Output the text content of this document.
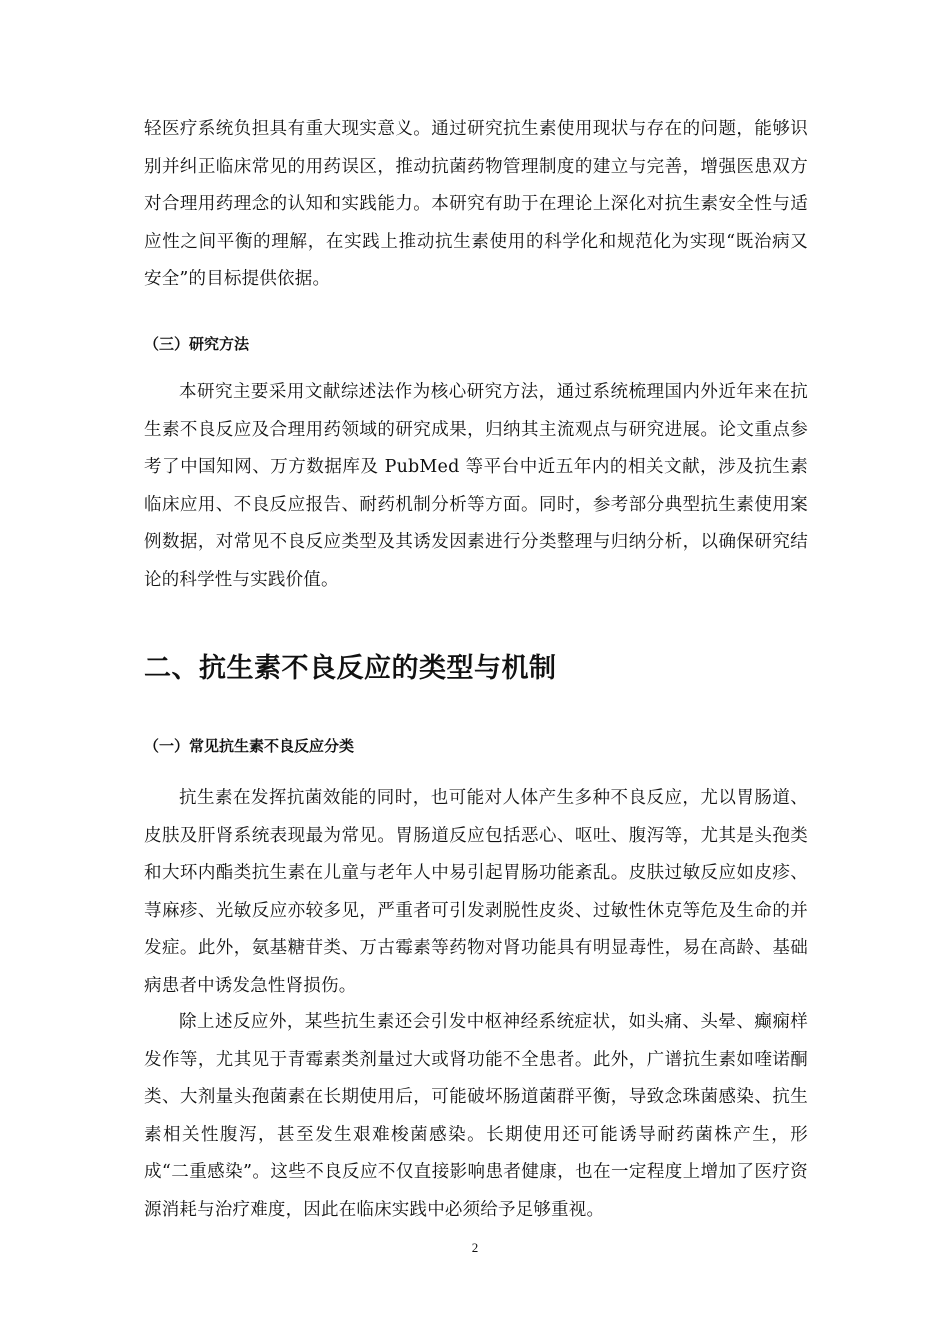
轻医疗系统负担具有重大现实意义。通过研究抗生素使用现状与存在的问题，能够识别并纠正临床常见的用药误区，推动抗菌药物管理制度的建立与完善，增强医患双方对合理用药理念的认知和实践能力。本研究有助于在理论上深化对抗生素安全性与适应性之间平衡的理解，在实践上推动抗生素使用的科学化和规范化为实现“既治病又安全”的目标提供依据。

（三）研究方法

本研究主要采用文献综述法作为核心研究方法，通过系统梳理国内外近年来在抗生素不良反应及合理用药领域的研究成果，归纳其主流观点与研究进展。论文重点参考了中国知网、万方数据库及 PubMed 等平台中近五年内的相关文献，涉及抗生素临床应用、不良反应报告、耐药机制分析等方面。同时，参考部分典型抗生素使用案例数据，对常见不良反应类型及其诱发因素进行分类整理与归纳分析，以确保研究结论的科学性与实践价值。

二、抗生素不良反应的类型与机制
（一）常见抗生素不良反应分类

抗生素在发挥抗菌效能的同时，也可能对人体产生多种不良反应，尤以胃肠道、皮肤及肝肾系统表现最为常见。胃肠道反应包括恶心、呕吐、腹泻等，尤其是头孢类和大环内酯类抗生素在儿童与老年人中易引起胃肠功能紊乱。皮肤过敏反应如皮疹、荨麻疹、光敏反应亦较多见，严重者可引发剥脱性皮炎、过敏性休克等危及生命的并发症。此外，氨基糖苷类、万古霉素等药物对肾功能具有明显毒性，易在高龄、基础病患者中诱发急性肾损伤。

除上述反应外，某些抗生素还会引发中枢神经系统症状，如头痛、头晕、癫痫样发作等，尤其见于青霉素类剂量过大或肾功能不全患者。此外，广谱抗生素如喹诺酮类、大剂量头孢菌素在长期使用后，可能破坏肠道菌群平衡，导致念珠菌感染、抗生素相关性腹泻，甚至发生艰难梭菌感染。长期使用还可能诱导耐药菌株产生，形成“二重感染”。这些不良反应不仅直接影响患者健康，也在一定程度上增加了医疗资源消耗与治疗难度，因此在临床实践中必须给予足够重视。

2
